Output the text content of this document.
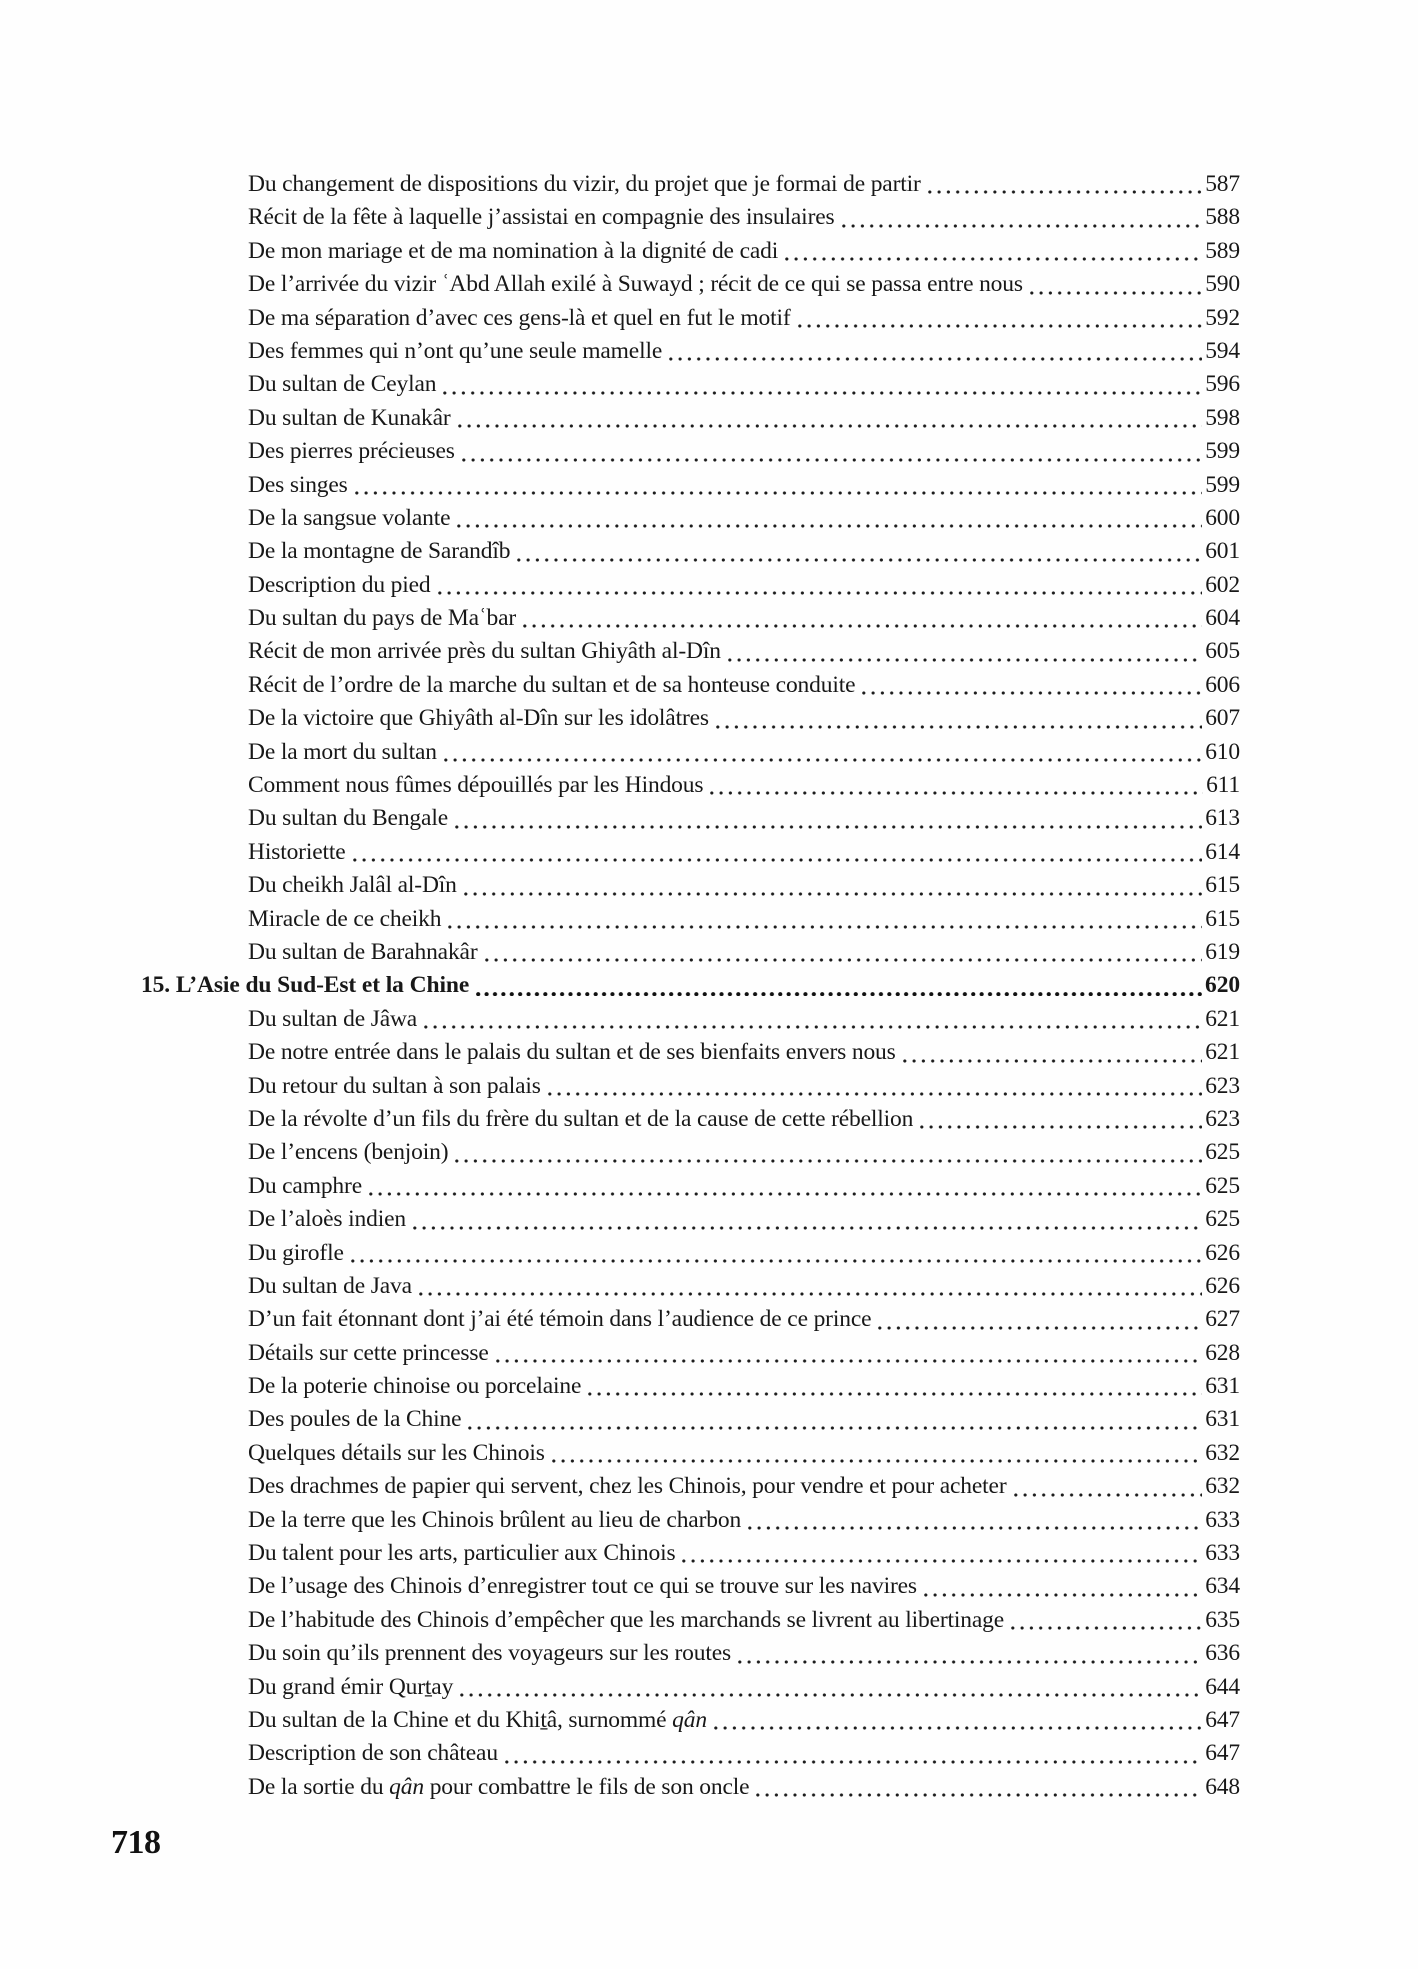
Du changement de dispositions du vizir, du projet que je formai de partir	587
Récit de la fête à laquelle j’assistai en compagnie des insulaires	588
De mon mariage et de ma nomination à la dignité de cadi	589
De l’arrivée du vizir ʿAbd Allah exilé à Suwayd ; récit de ce qui se passa entre nous	590
De ma séparation d’avec ces gens-là et quel en fut le motif	592
Des femmes qui n’ont qu’une seule mamelle	594
Du sultan de Ceylan	596
Du sultan de Kunakâr	598
Des pierres précieuses	599
Des singes	599
De la sangsue volante	600
De la montagne de Sarandîb	601
Description du pied	602
Du sultan du pays de Maʿbar	604
Récit de mon arrivée près du sultan Ghiyâth al-Dîn	605
Récit de l’ordre de la marche du sultan et de sa honteuse conduite	606
De la victoire que Ghiyâth al-Dîn sur les idolâtres	607
De la mort du sultan	610
Comment nous fûmes dépouillés par les Hindous	611
Du sultan du Bengale	613
Historiette	614
Du cheikh Jalâl al-Dîn	615
Miracle de ce cheikh	615
Du sultan de Barahnakâr	619
15. L’Asie du Sud-Est et la Chine	620
Du sultan de Jâwa	621
De notre entrée dans le palais du sultan et de ses bienfaits envers nous	621
Du retour du sultan à son palais	623
De la révolte d’un fils du frère du sultan et de la cause de cette rébellion	623
De l’encens (benjoin)	625
Du camphre	625
De l’aloès indien	625
Du girofle	626
Du sultan de Java	626
D’un fait étonnant dont j’ai été témoin dans l’audience de ce prince	627
Détails sur cette princesse	628
De la poterie chinoise ou porcelaine	631
Des poules de la Chine	631
Quelques détails sur les Chinois	632
Des drachmes de papier qui servent, chez les Chinois, pour vendre et pour acheter	632
De la terre que les Chinois brûlent au lieu de charbon	633
Du talent pour les arts, particulier aux Chinois	633
De l’usage des Chinois d’enregistrer tout ce qui se trouve sur les navires	634
De l’habitude des Chinois d’empêcher que les marchands se livrent au libertinage	635
Du soin qu’ils prennent des voyageurs sur les routes	636
Du grand émir Qurṯay	644
Du sultan de la Chine et du Khiṯâ, surnommé qân	647
Description de son château	647
De la sortie du qân pour combattre le fils de son oncle	648
718
